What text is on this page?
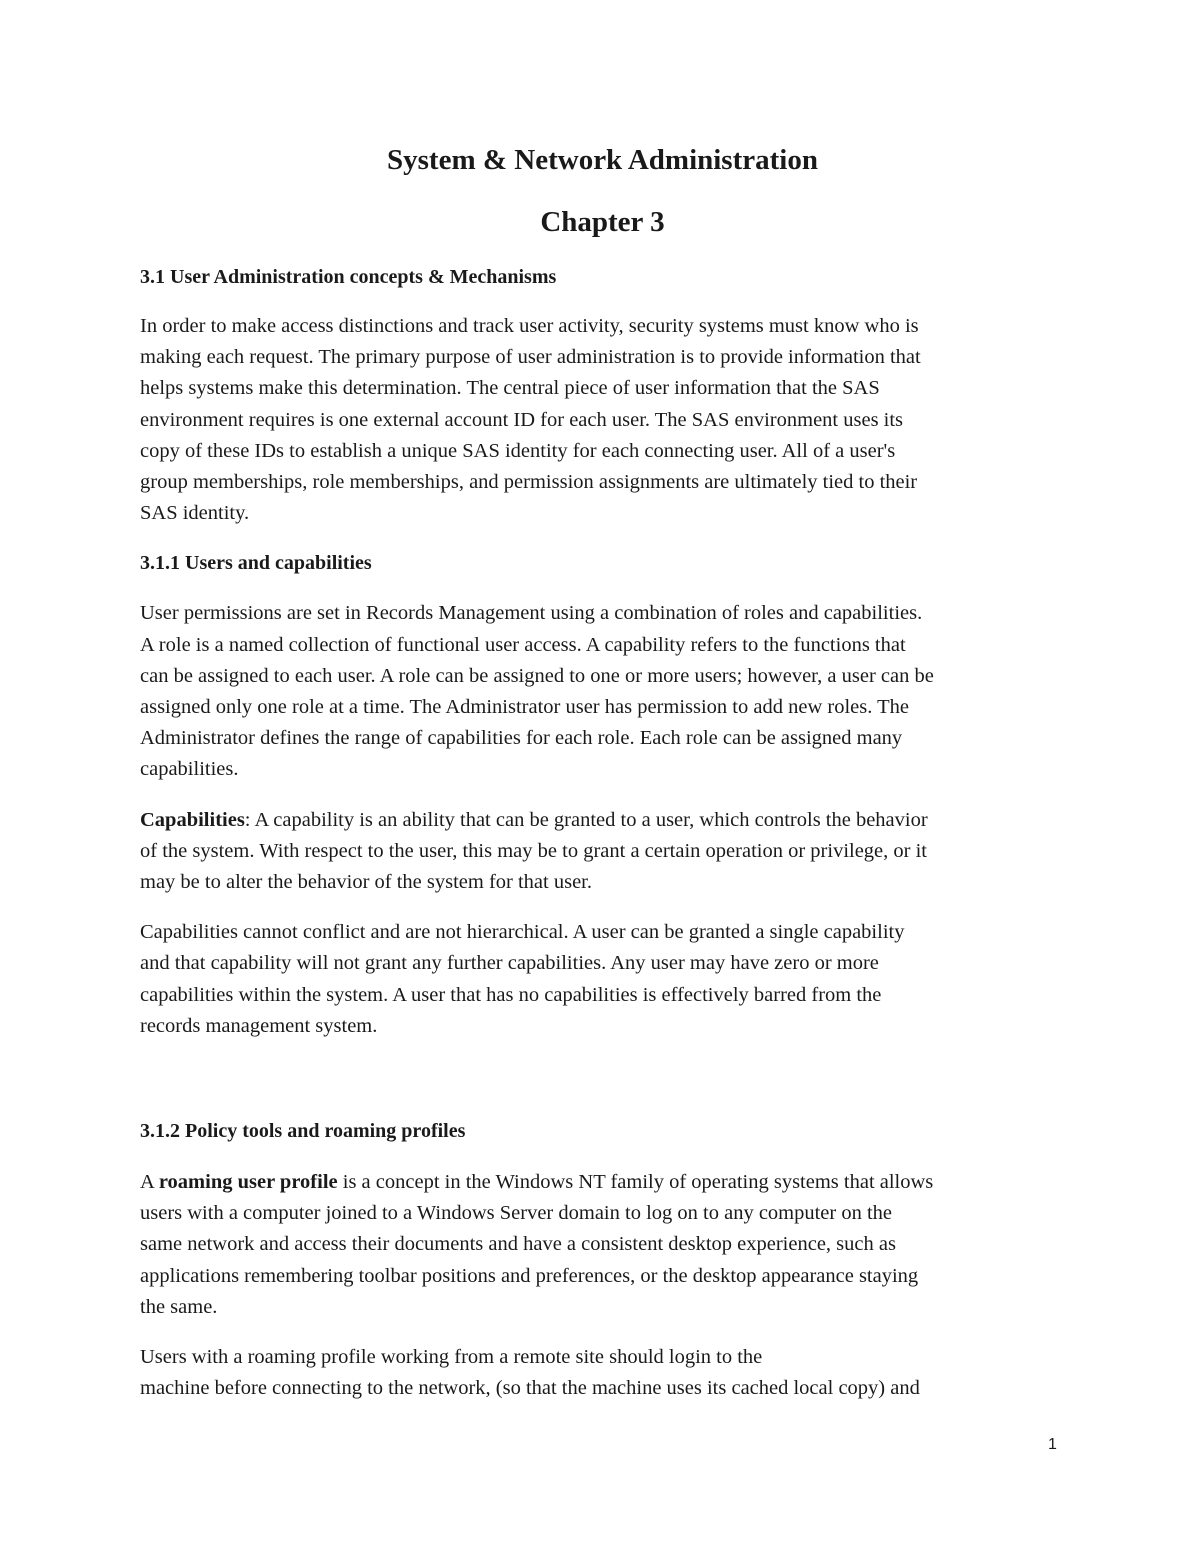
System & Network Administration
Chapter 3
3.1 User Administration concepts & Mechanisms

In order to make access distinctions and track user activity, security systems must know who is
making each request. The primary purpose of user administration is to provide information that
helps systems make this determination. The central piece of user information that the SAS
environment requires is one external account ID for each user. The SAS environment uses its
copy of these IDs to establish a unique SAS identity for each connecting user. All of a user's
group memberships, role memberships, and permission assignments are ultimately tied to their
SAS identity.

3.1.1 Users and capabilities

User permissions are set in Records Management using a combination of roles and capabilities.
A role is a named collection of functional user access. A capability refers to the functions that
can be assigned to each user. A role can be assigned to one or more users; however, a user can be
assigned only one role at a time. The Administrator user has permission to add new roles. The
Administrator defines the range of capabilities for each role. Each role can be assigned many
capabilities.

Capabilities: A capability is an ability that can be granted to a user, which controls the behavior
of the system. With respect to the user, this may be to grant a certain operation or privilege, or it
may be to alter the behavior of the system for that user.

Capabilities cannot conflict and are not hierarchical. A user can be granted a single capability
and that capability will not grant any further capabilities. Any user may have zero or more
capabilities within the system. A user that has no capabilities is effectively barred from the
records management system.

3.1.2 Policy tools and roaming profiles

A roaming user profile is a concept in the Windows NT family of operating systems that allows
users with a computer joined to a Windows Server domain to log on to any computer on the
same network and access their documents and have a consistent desktop experience, such as
applications remembering toolbar positions and preferences, or the desktop appearance staying
the same.

Users with a roaming profile working from a remote site should login to the
machine before connecting to the network, (so that the machine uses its cached local copy) and

1
